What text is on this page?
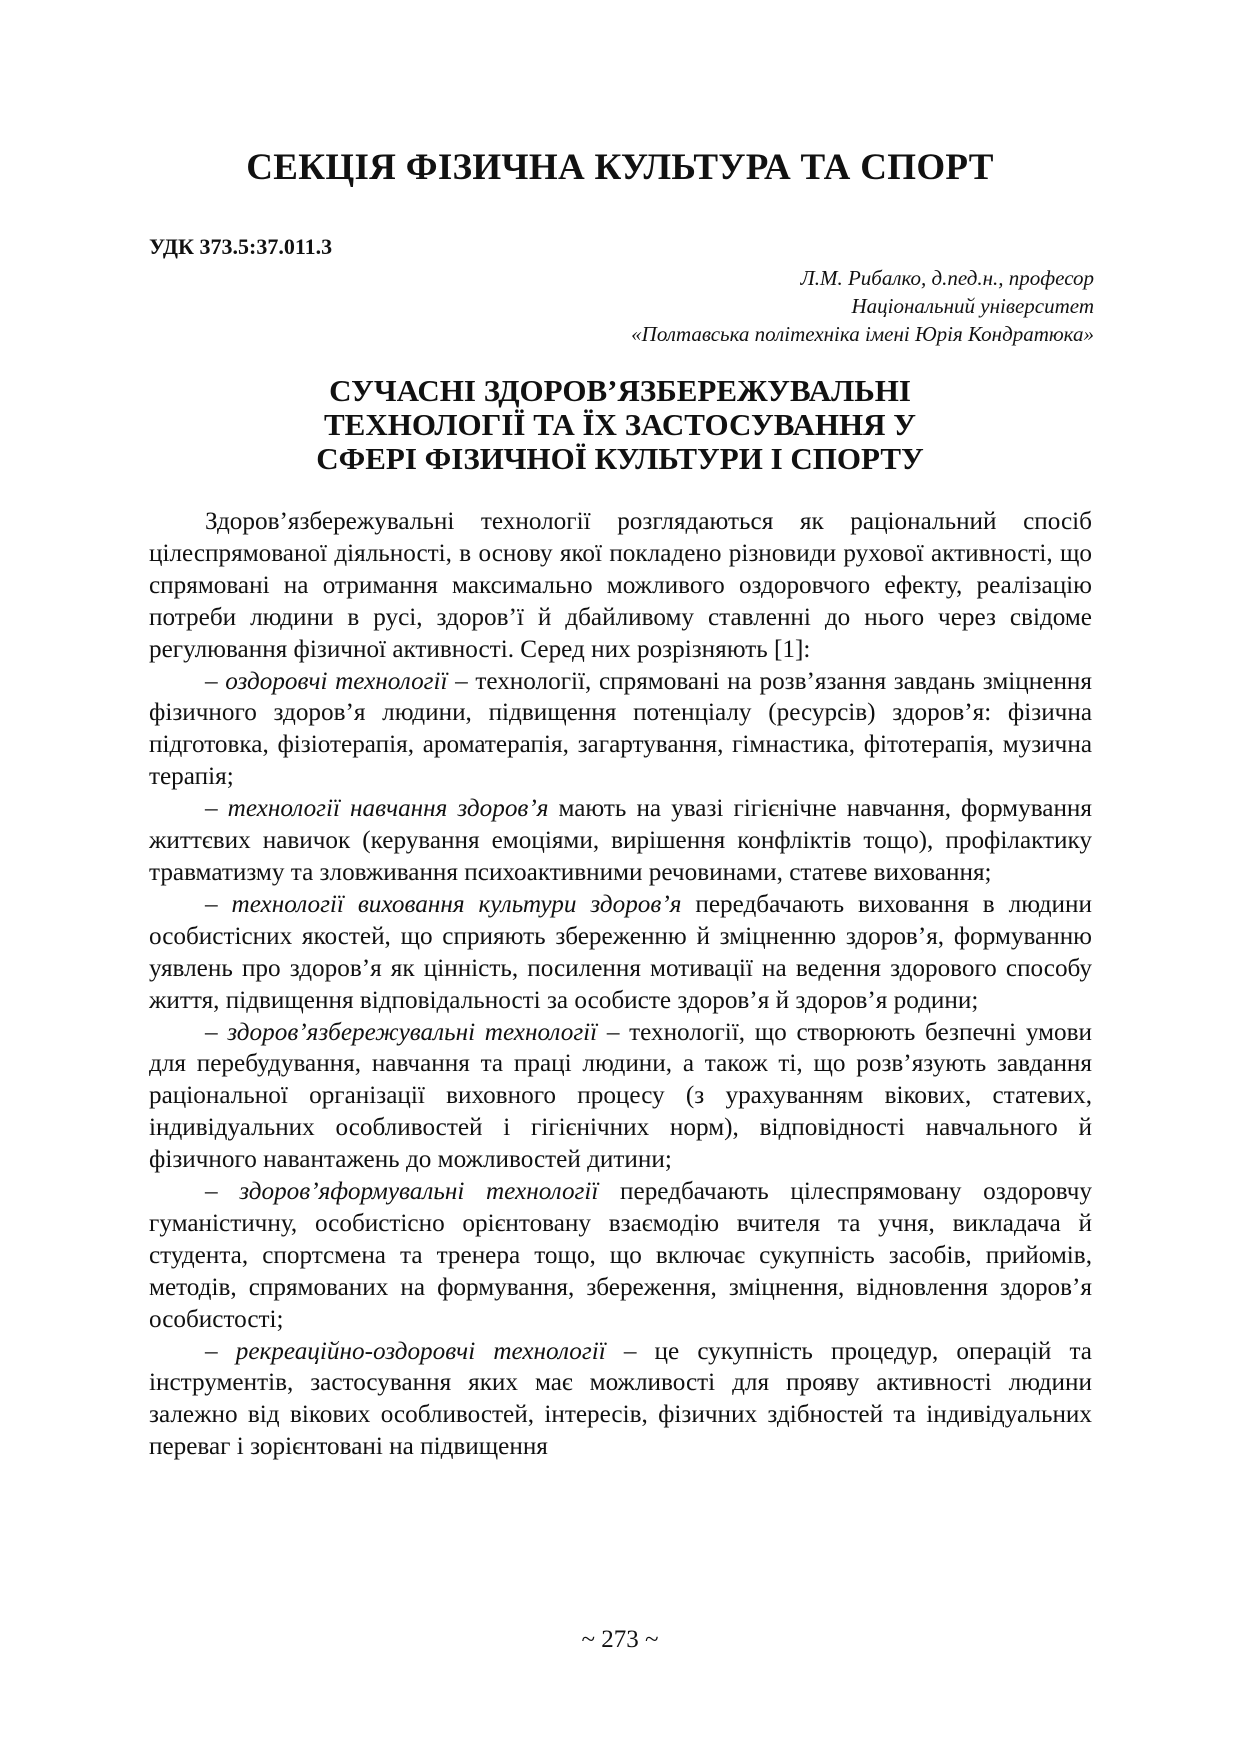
СЕКЦІЯ ФІЗИЧНА КУЛЬТУРА ТА СПОРТ
УДК 373.5:37.011.3
Л.М. Рибалко, д.пед.н., професор
Національний університет
«Полтавська політехніка імені Юрія Кондратюка»
СУЧАСНІ ЗДОРОВ’ЯЗБЕРЕЖУВАЛЬНІ
ТЕХНОЛОГІЇ ТА ЇХ ЗАСТОСУВАННЯ У
СФЕРІ ФІЗИЧНОЇ КУЛЬТУРИ І СПОРТУ

Здоров’язбережувальні технології розглядаються як раціональний спосіб цілеспрямованої діяльності, в основу якої покладено різновиди рухової активності, що спрямовані на отримання максимально можливого оздоровчого ефекту, реалізацію потреби людини в русі, здоров’ї й дбайливому ставленні до нього через свідоме регулювання фізичної активності. Серед них розрізняють [1]:

– оздоровчі технології – технології, спрямовані на розв’язання завдань зміцнення фізичного здоров’я людини, підвищення потенціалу (ресурсів) здоров’я: фізична підготовка, фізіотерапія, ароматерапія, загартування, гімнастика, фітотерапія, музична терапія;

– технології навчання здоров’я мають на увазі гігієнічне навчання, формування життєвих навичок (керування емоціями, вирішення конфліктів тощо), профілактику травматизму та зловживання психоактивними речовинами, статеве виховання;

– технології виховання культури здоров’я передбачають виховання в людини особистісних якостей, що сприяють збереженню й зміцненню здоров’я, формуванню уявлень про здоров’я як цінність, посилення мотивації на ведення здорового способу життя, підвищення відповідальності за особисте здоров’я й здоров’я родини;

– здоров’язбережувальні технології – технології, що створюють безпечні умови для перебудування, навчання та праці людини, а також ті, що розв’язують завдання раціональної організації виховного процесу (з урахуванням вікових, статевих, індивідуальних особливостей і гігієнічних норм), відповідності навчального й фізичного навантажень до можливостей дитини;

– здоров’яформувальні технології передбачають цілеспрямовану оздоровчу гуманістичну, особистісно орієнтовану взаємодію вчителя та учня, викладача й студента, спортсмена та тренера тощо, що включає сукупність засобів, прийомів, методів, спрямованих на формування, збереження, зміцнення, відновлення здоров’я особистості;

– рекреаційно-оздоровчі технології – це сукупність процедур, операцій та інструментів, застосування яких має можливості для прояву активності людини залежно від вікових особливостей, інтересів, фізичних здібностей та індивідуальних переваг і зорієнтовані на підвищення

~ 273 ~
